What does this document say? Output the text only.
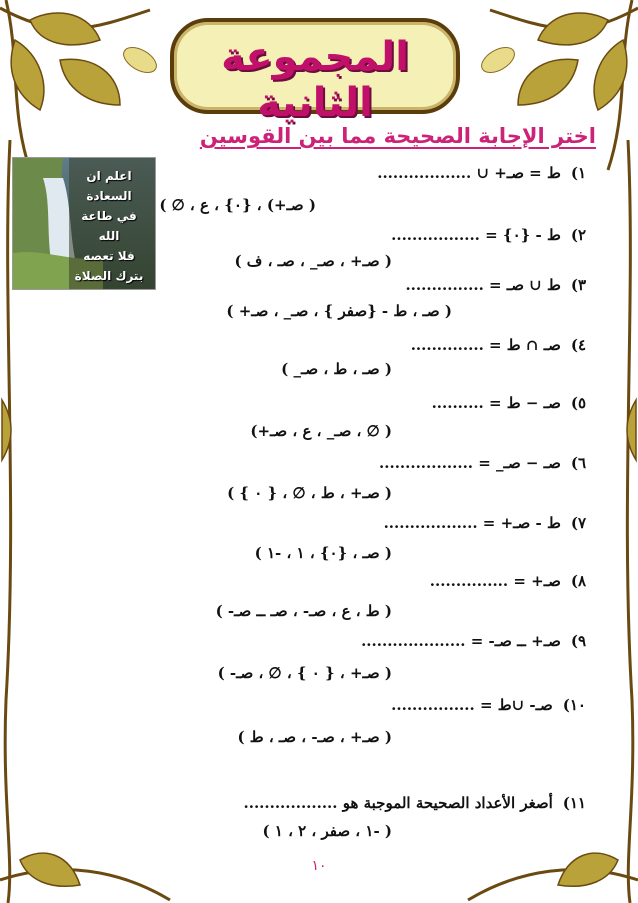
المجموعة الثانية
اختر الإجابة الصحيحة مما بين القوسين
اعلم ان السعادة
في طاعة الله
فلا تعصه
بترك الصلاة
١)ط = صـ+ ∪ ..................
( صـ+) ، {٠} ، ع ، ∅ )
٢)ط - {٠} = .................
( صـ+ ، صـ_ ، صـ ، ف )
٣)ط ∪ صـ = ...............
( صـ ، ط - {صفر } ، صـ_ ، صـ+ )
٤)صـ ∩ ط = ..............
( صـ ، ط ، صـ_ )
٥)صـ − ط = ..........
( ∅ ، صـ_ ، ع ، صـ+)
٦)صـ − صـ_ = ..................
( صـ+ ، ط ، ∅ ، { ٠ } )
٧)ط - صـ+ = ..................
( صـ ، {٠} ، ١ ، -١ )
٨)صـ+ = ...............
( ط ، ع ، صـ- ، صـ ــ صـ- )
٩)صـ+ ــ صـ- = ....................
( صـ+ ، { ٠ } ، ∅ ، صـ- )
١٠)صـ- ∪ط = ................
( صـ+ ، صـ- ، صـ ، ط )
١١)أصغر الأعداد الصحيحة الموجبة هو ..................
( -١ ، صفر ، ٢ ، ١ )
١٠
